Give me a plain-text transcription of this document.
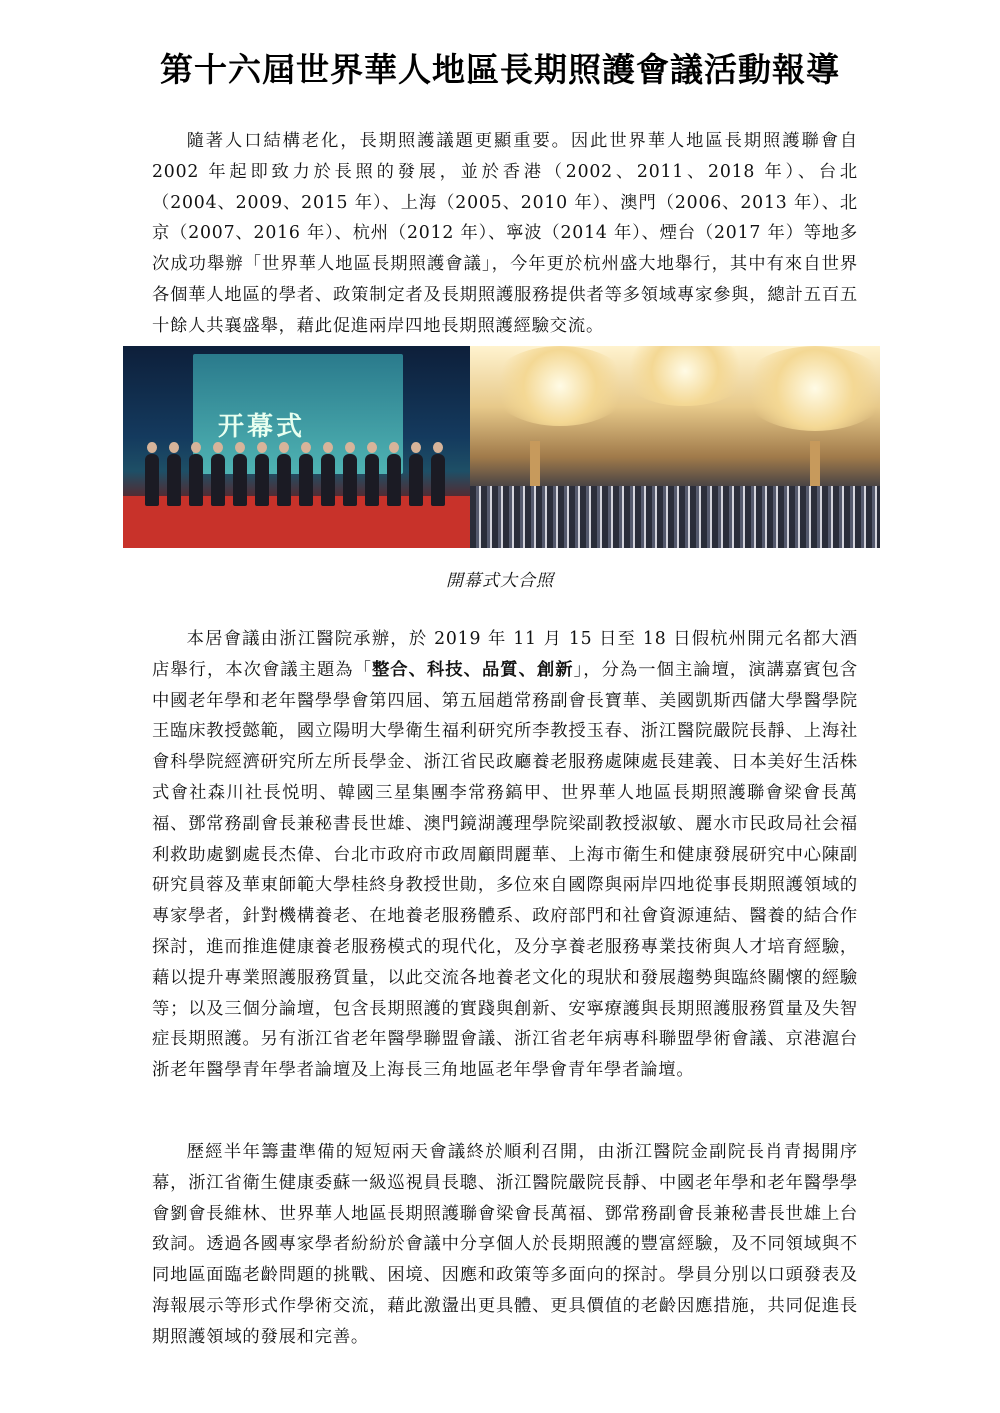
第十六屆世界華人地區長期照護會議活動報導

隨著人口結構老化，長期照護議題更顯重要。因此世界華人地區長期照護聯會自 2002 年起即致力於長照的發展，並於香港（2002、2011、2018 年）、台北（2004、2009、2015 年）、上海（2005、2010 年）、澳門（2006、2013 年）、北京（2007、2016 年）、杭州（2012 年）、寧波（2014 年）、煙台（2017 年）等地多次成功舉辦「世界華人地區長期照護會議」，今年更於杭州盛大地舉行，其中有來自世界各個華人地區的學者、政策制定者及長期照護服務提供者等多領域專家參與，總計五百五十餘人共襄盛舉，藉此促進兩岸四地長期照護經驗交流。

开幕式
開幕式大合照

本居會議由浙江醫院承辦，於 2019 年 11 月 15 日至 18 日假杭州開元名都大酒店舉行，本次會議主題為「整合、科技、品質、創新」，分為一個主論壇，演講嘉賓包含中國老年學和老年醫學學會第四屆、第五屆趙常務副會長寶華、美國凱斯西儲大學醫學院王臨床教授懿範，國立陽明大學衛生福利研究所李教授玉春、浙江醫院嚴院長靜、上海社會科學院經濟研究所左所長學金、浙江省民政廳養老服務處陳處長建義、日本美好生活株式會社森川社長悦明、韓國三星集團李常務鎬甲、世界華人地區長期照護聯會梁會長萬福、鄧常務副會長兼秘書長世雄、澳門鏡湖護理學院梁副教授淑敏、麗水市民政局社会福利救助處劉處長杰偉、台北市政府市政周顧問麗華、上海市衛生和健康發展研究中心陳副研究員蓉及華東師範大學桂終身教授世勛，多位來自國際與兩岸四地從事長期照護領域的專家學者，針對機構養老、在地養老服務體系、政府部門和社會資源連結、醫養的結合作探討，進而推進健康養老服務模式的現代化，及分享養老服務專業技術與人才培育經驗，藉以提升專業照護服務質量，以此交流各地養老文化的現狀和發展趨勢與臨終關懷的經驗等；以及三個分論壇，包含長期照護的實踐與創新、安寧療護與長期照護服務質量及失智症長期照護。另有浙江省老年醫學聯盟會議、浙江省老年病專科聯盟學術會議、京港滬台浙老年醫學青年學者論壇及上海長三角地區老年學會青年學者論壇。

歷經半年籌畫準備的短短兩天會議終於順利召開，由浙江醫院金副院長肖青揭開序幕，浙江省衛生健康委蘇一級巡視員長聰、浙江醫院嚴院長靜、中國老年學和老年醫學學會劉會長維林、世界華人地區長期照護聯會梁會長萬福、鄧常務副會長兼秘書長世雄上台致詞。透過各國專家學者紛紛於會議中分享個人於長期照護的豐富經驗，及不同領域與不同地區面臨老齡問題的挑戰、困境、因應和政策等多面向的探討。學員分別以口頭發表及海報展示等形式作學術交流，藉此激盪出更具體、更具價值的老齡因應措施，共同促進長期照護領域的發展和完善。
